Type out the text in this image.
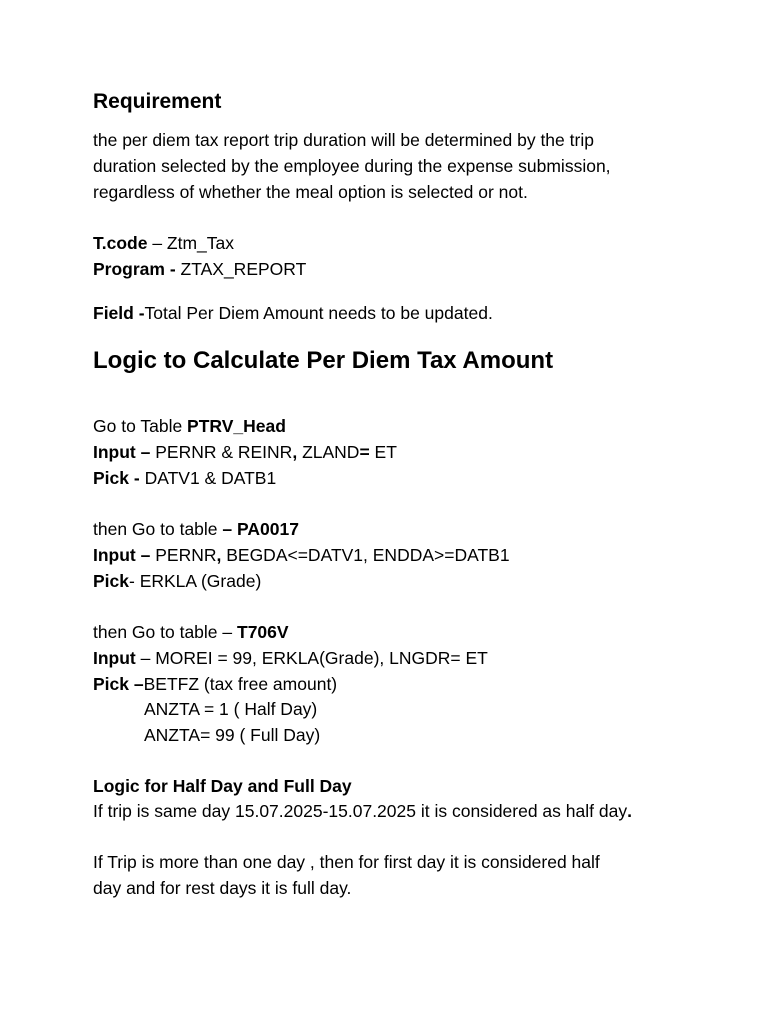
Requirement
the per diem tax report trip duration will be determined by the trip
duration selected by the employee during the expense submission,
regardless of whether the meal option is selected or not.
T.code – Ztm_Tax
Program - ZTAX_REPORT
Field -Total Per Diem Amount needs to be updated.
Logic to Calculate Per Diem Tax Amount
Go to Table PTRV_Head
Input – PERNR & REINR, ZLAND= ET
Pick - DATV1 & DATB1
then Go to table – PA0017
Input – PERNR, BEGDA<=DATV1, ENDDA>=DATB1
Pick- ERKLA (Grade)
then Go to table – T706V
Input – MOREI = 99, ERKLA(Grade), LNGDR= ET
Pick –BETFZ (tax free amount)
ANZTA = 1 ( Half Day)
ANZTA= 99 ( Full Day)
Logic for Half Day and Full Day
If trip is same day 15.07.2025-15.07.2025 it is considered as half day.
If Trip is more than one day , then for first day it is considered half
day and for rest days it is full day.
